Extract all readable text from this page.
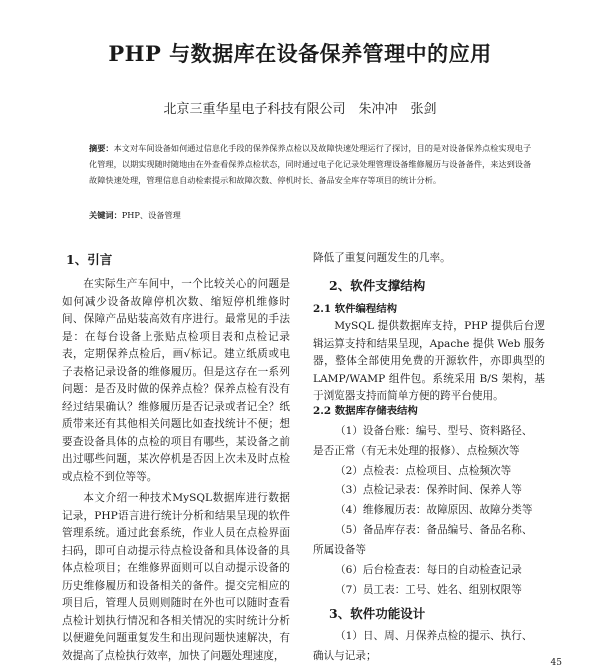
PHP 与数据库在设备保养管理中的应用
北京三重华星电子科技有限公司　朱冲冲　张剑
摘要：本文对车间设备如何通过信息化手段的保养保养点检以及故障快速处理运行了探讨，目的是对设备保养点检实现电子化管理，以期实现随时随地由在外查看保养点检状态，同时通过电子化记录处理管理设备维修履历与设备备件，来达到设备故障快速处理，管理信息自动检索提示和故障次数、停机时长、备品安全库存等项目的统计分析。
关键词：PHP、设备管理
1、引言
在实际生产车间中，一个比较关心的问题是如何减少设备故障停机次数、缩短停机维修时间、保障产品贴装高效有序进行。最常见的手法是：在每台设备上张贴点检项目表和点检记录表，定期保养点检后，画√标记。建立纸质或电子表格记录设备的维修履历。但是这存在一系列问题：是否及时做的保养点检？保养点检有没有经过结果确认？维修履历是否记录或者记全？纸质带来还有其他相关问题比如查找统计不便；想要查设备具体的点检的项目有哪些，某设备之前出过哪些问题，某次停机是否因上次未及时点检或点检不到位等等。
本文介绍一种技术MySQL数据库进行数据记录，PHP语言进行统计分析和结果呈现的软件管理系统。通过此套系统，作业人员在点检界面扫码，即可自动提示待点检设备和具体设备的具体点检项目；在维修界面则可以自动提示设备的历史维修履历和设备相关的备件。提交完相应的项目后，管理人员则则随时在外也可以随时查看点检计划执行情况和各相关情况的实时统计分析以便避免问题重复发生和出现问题快速解决，有效提高了点检执行效率，加快了问题处理速度，
降低了重复问题发生的几率。
2、软件支撑结构
2.1 软件编程结构
MySQL 提供数据库支持，PHP 提供后台逻辑运算支持和结果呈现，Apache 提供 Web 服务器，整体全部使用免费的开源软件，亦即典型的LAMP/WAMP 组件包。系统采用 B/S 架构，基于浏览器支持而简单方便的跨平台使用。
2.2 数据库存储表结构
（1）设备台账：编号、型号、资料路径、
是否正常（有无未处理的报修）、点检频次等
（2）点检表：点检项目、点检频次等
（3）点检记录表：保养时间、保养人等
（4）维修履历表：故障原因、故障分类等
（5）备品库存表：备品编号、备品名称、
所属设备等
（6）后台检查表：每日的自动检查记录
（7）员工表：工号、姓名、组别权限等
3、软件功能设计
（1）日、周、月保养点检的提示、执行、
确认与记录；
45
